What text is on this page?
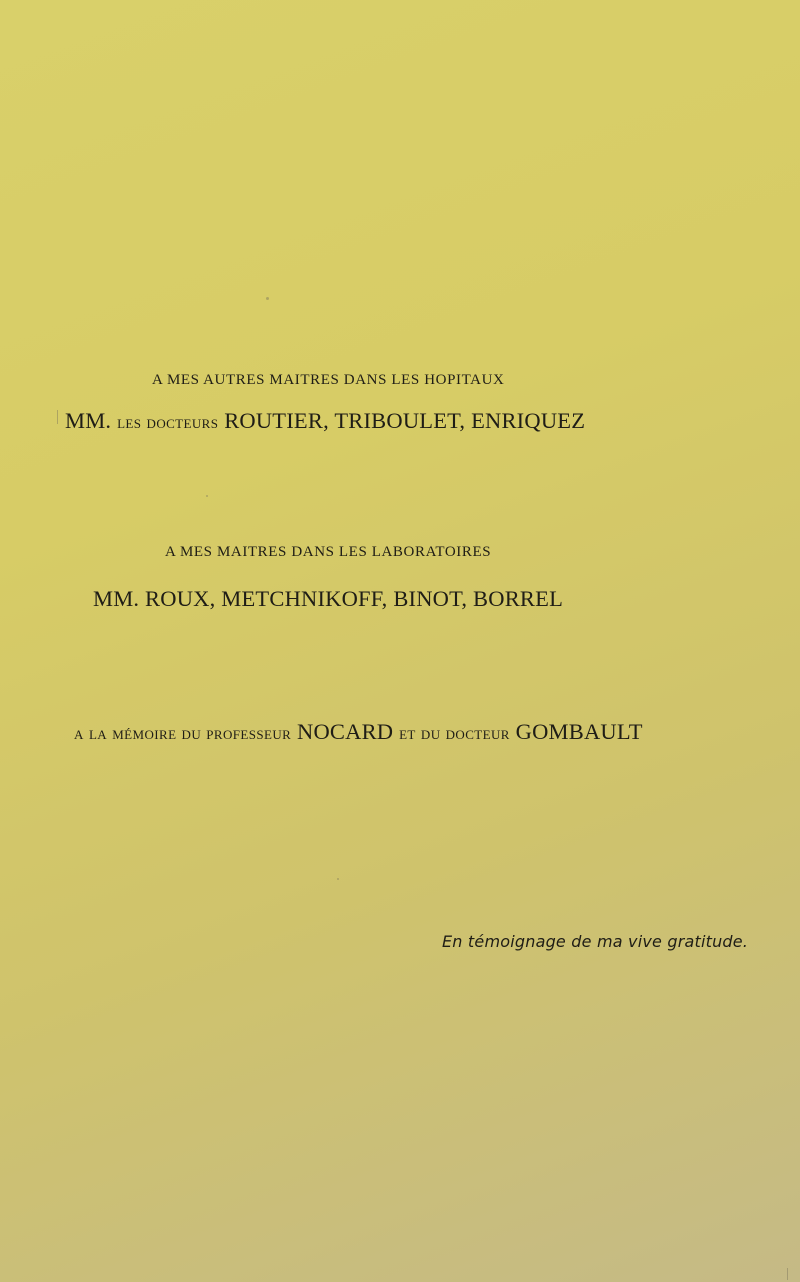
A MES AUTRES MAITRES DANS LES HOPITAUX
MM. les docteurs ROUTIER, TRIBOULET, ENRIQUEZ
A MES MAITRES DANS LES LABORATOIRES
MM. ROUX, METCHNIKOFF, BINOT, BORREL
a la mémoire du professeur NOCARD et du docteur GOMBAULT
En témoignage de ma vive gratitude.
